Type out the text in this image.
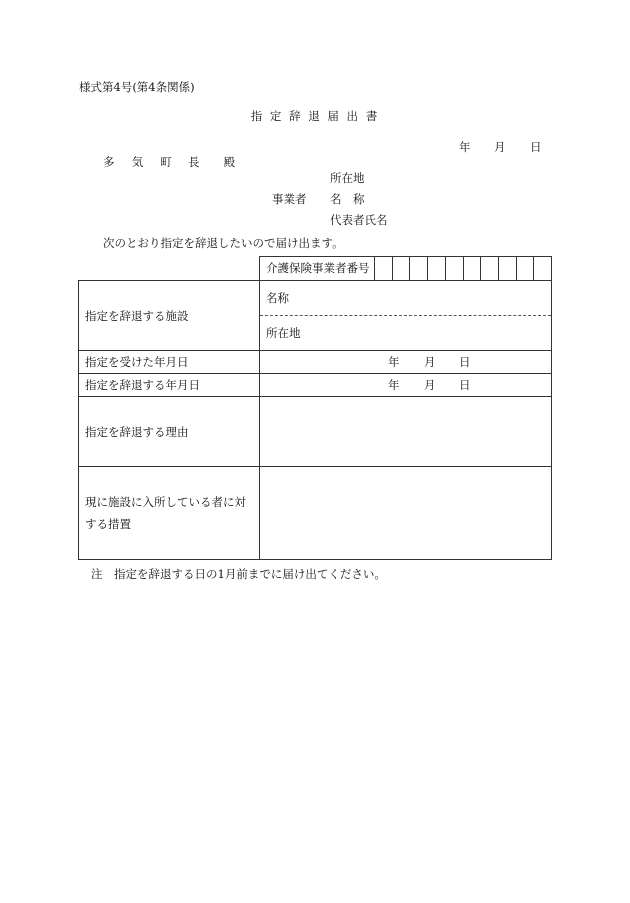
様式第4号(第4条関係)
指 定 辞 退 届 出 書
年 月 日
多 気 町 長 殿
所在地
事業者 名　称
代表者氏名
次のとおり指定を辞退したいので届け出ます。

	介護保険事業者番号

指定を辞退する施設	名称
	所在地
指定を受けた年月日	年 月 日

指定を辞退する年月日	年 月 日

指定を辞退する理由	
現に施設に入所している者に対する措置	
注　指定を辞退する日の1月前までに届け出てください。
